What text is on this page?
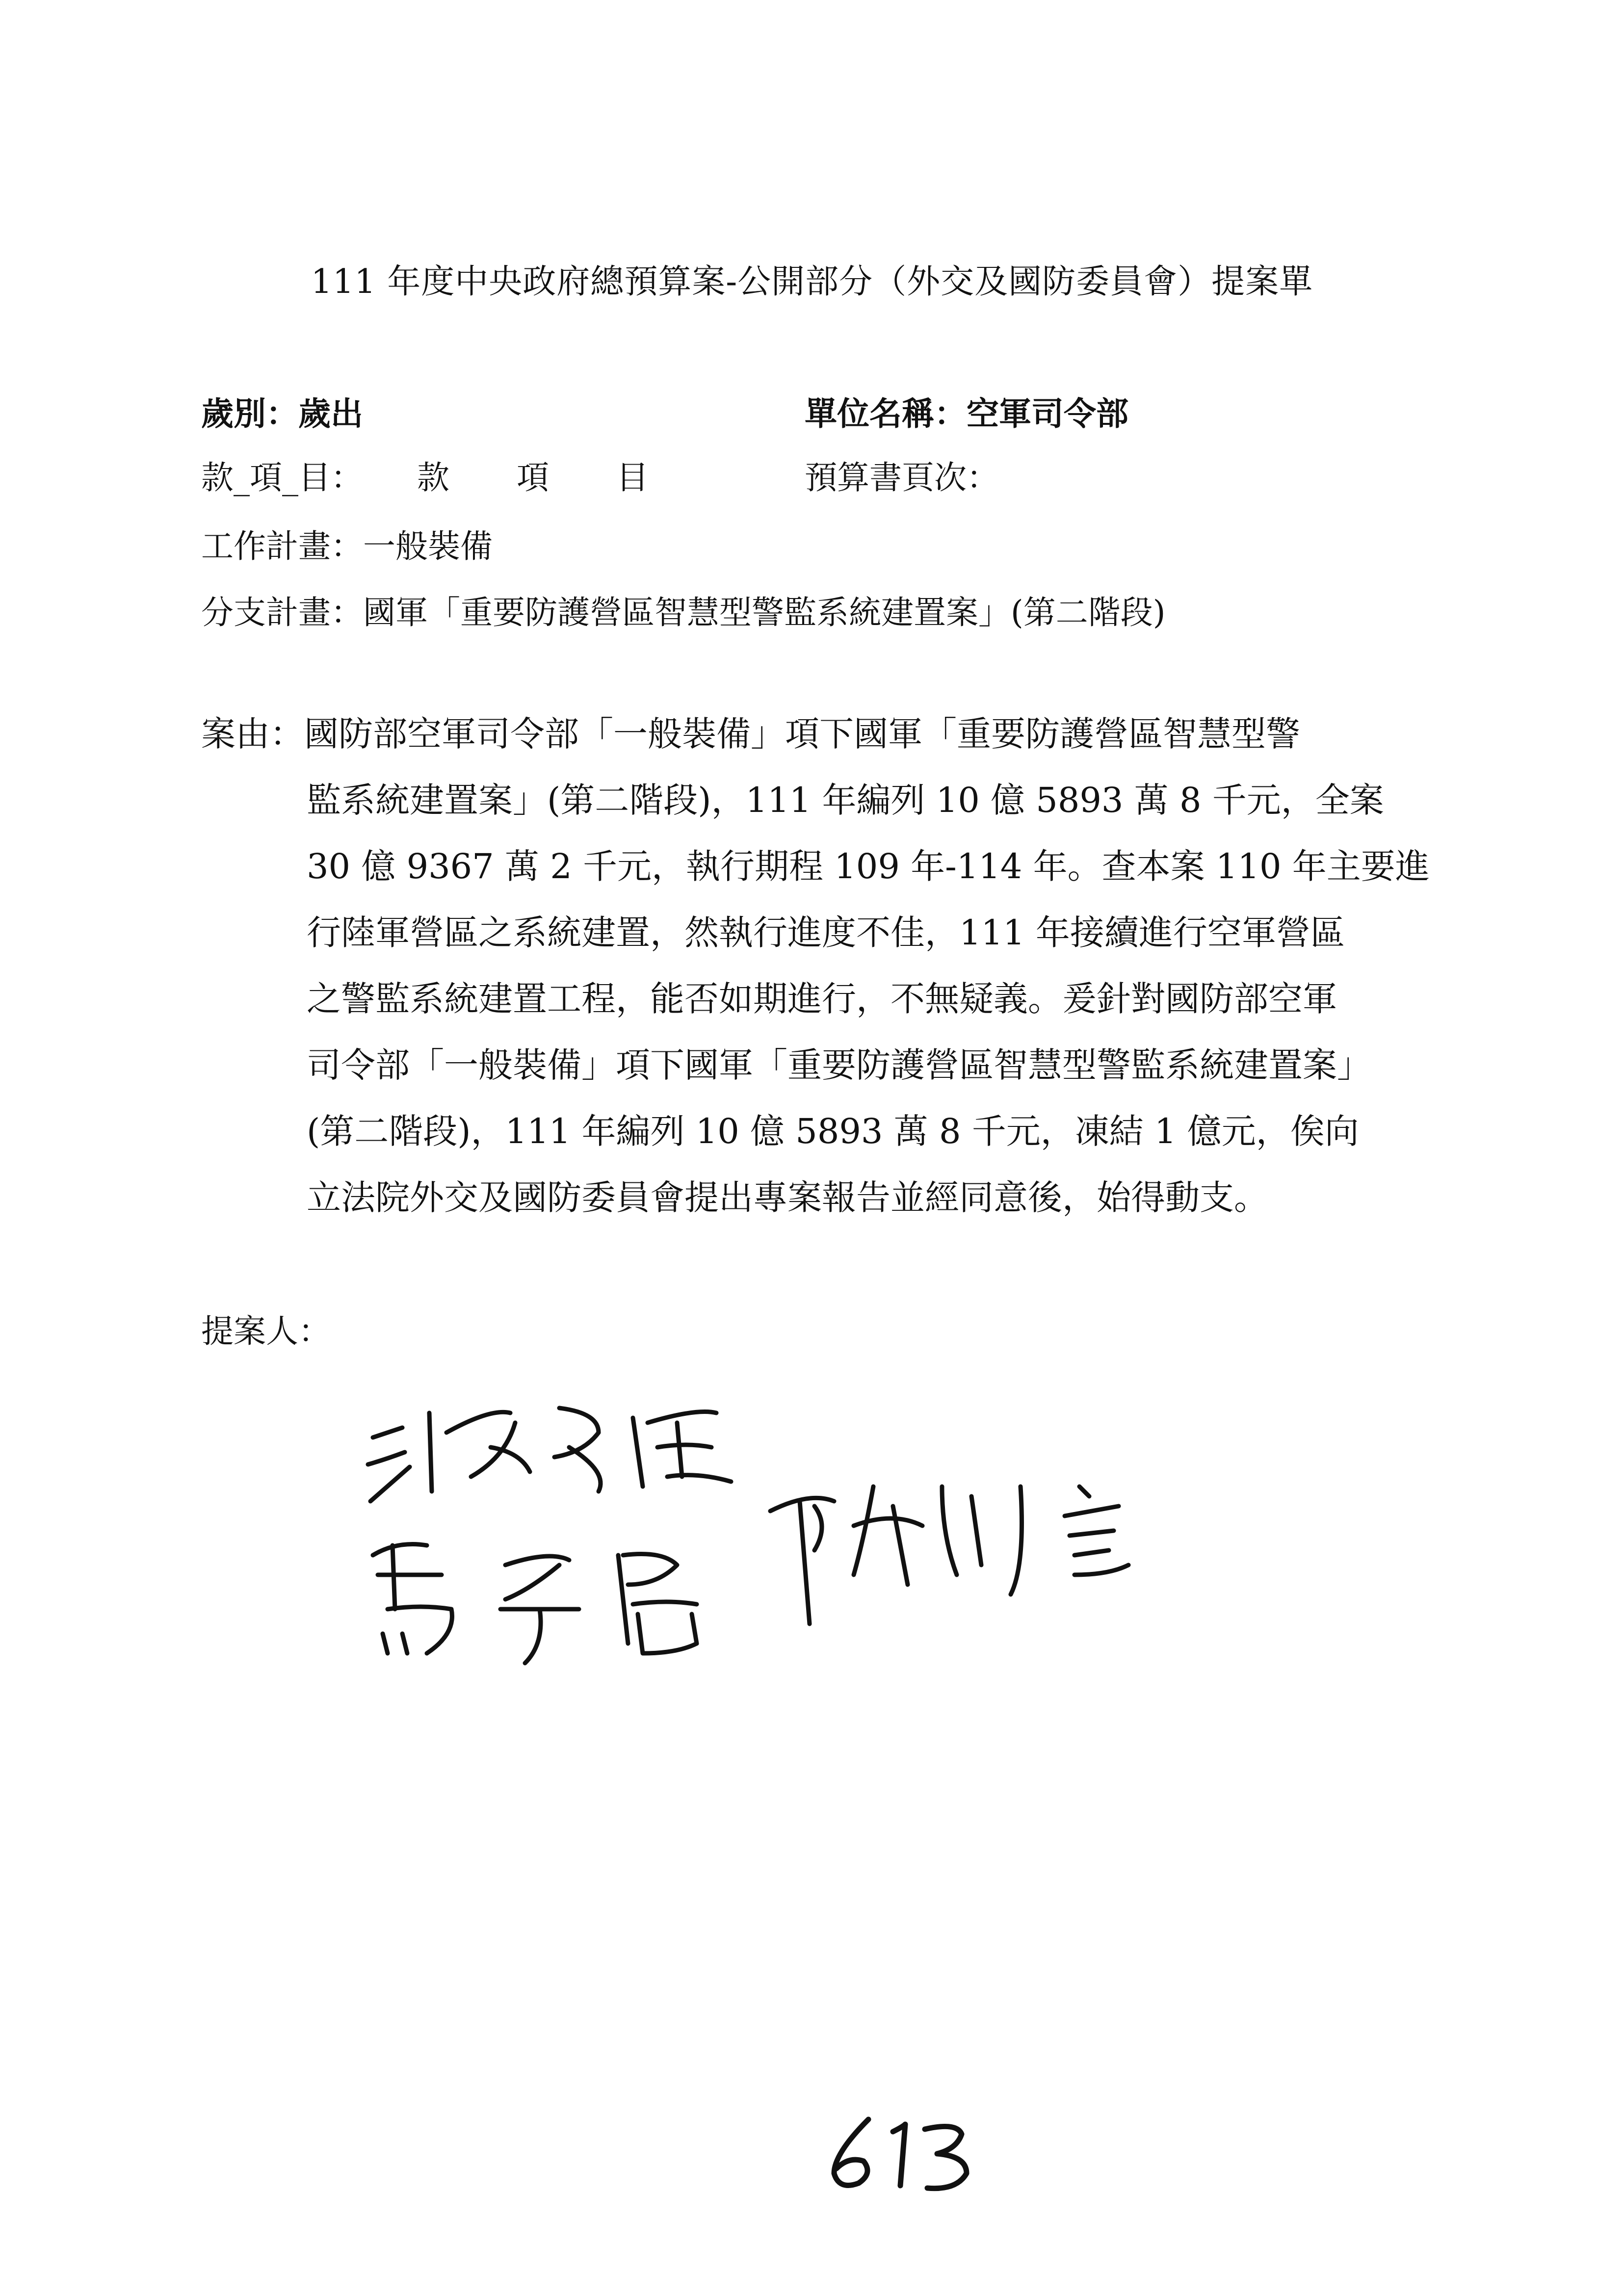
111 年度中央政府總預算案-公開部分（外交及國防委員會）提案單
歲別：歲出	單位名稱：空軍司令部
款_項_目： 款 項 目	預算書頁次：
工作計畫：一般裝備
分支計畫：國軍「重要防護營區智慧型警監系統建置案」(第二階段)
案由：國防部空軍司令部「一般裝備」項下國軍「重要防護營區智慧型警
監系統建置案」(第二階段)，111 年編列 10 億 5893 萬 8 千元，全案
30 億 9367 萬 2 千元，執行期程 109 年-114 年。查本案 110 年主要進
行陸軍營區之系統建置，然執行進度不佳，111 年接續進行空軍營區
之警監系統建置工程，能否如期進行，不無疑義。爰針對國防部空軍
司令部「一般裝備」項下國軍「重要防護營區智慧型警監系統建置案」
(第二階段)，111 年編列 10 億 5893 萬 8 千元，凍結 1 億元，俟向
立法院外交及國防委員會提出專案報告並經同意後，始得動支。
提案人：
